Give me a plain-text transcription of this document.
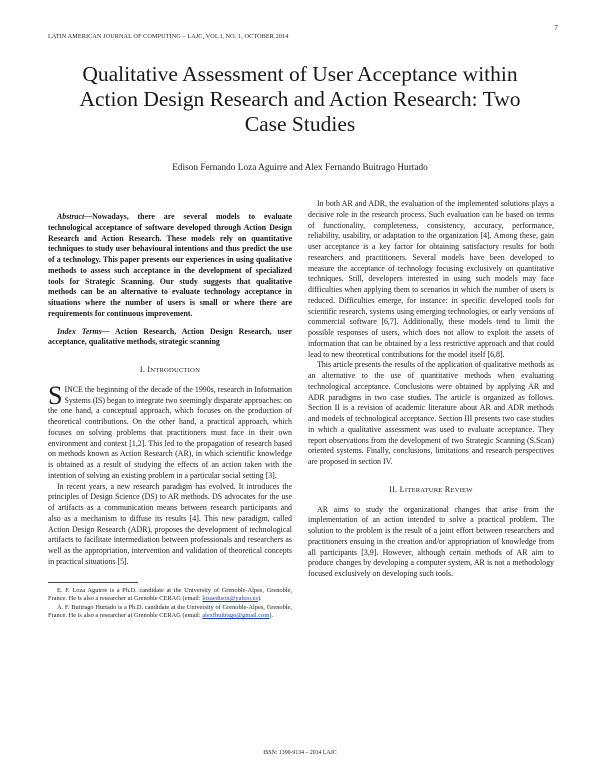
LATIN AMERICAN JOURNAL OF COMPUTING – LAJC, VOL I, NO. 1, OCTOBER 2014
7
Qualitative Assessment of User Acceptance within Action Design Research and Action Research: Two Case Studies
Edison Fernando Loza Aguirre and Alex Fernando Buitrago Hurtado

Abstract—Nowadays, there are several models to evaluate technological acceptance of software developed through Action Design Research and Action Research. These models rely on quantitative techniques to study user behavioural intentions and thus predict the use of a technology. This paper presents our experiences in using qualitative methods to assess such acceptance in the development of specialized tools for Strategic Scanning. Our study suggests that qualitative methods can be an alternative to evaluate technology acceptance in situations where the number of users is small or where there are requirements for continuous improvement.

Index Terms— Action Research, Action Design Research, user acceptance, qualitative methods, strategic scanning

I. INTRODUCTION

SINCE the beginning of the decade of the 1990s, research in Information Systems (IS) began to integrate two seemingly disparate approaches: on the one hand, a conceptual approach, which focuses on the production of theoretical contributions. On the other hand, a practical approach, which focuses on solving problems that practitioners must face in their own environment and context [1,2]. This led to the propagation of research based on methods known as Action Research (AR), in which scientific knowledge is obtained as a result of studying the effects of an action taken with the intention of solving an existing problem in a particular social setting [3].

In recent years, a new research paradigm has evolved. It introduces the principles of Design Science (DS) to AR methods. DS advocates for the use of artifacts as a communication means between research participants and also as a mechanism to diffuse its results [4]. This new paradigm, called Action Design Research (ADR), proposes the development of technological artifacts to facilitate intermediation between professionals and researchers as well as the appropriation, intervention and validation of theoretical concepts in practical situations [5].

E. F. Loza Aguirre is a Ph.D. candidate at the University of Grenoble-Alpes, Grenoble, France. He is also a researcher at Grenoble CERAG (email: lozaedison@yahoo.es).

A. F. Buitrago Hurtado is a Ph.D. candidate at the University of Grenoble-Alpes, Grenoble, France. He is also a researcher at Grenoble CERAG (email: alexfbuitrago@gmail.com).

In both AR and ADR, the evaluation of the implemented solutions plays a decisive role in the research process. Such evaluation can be based on terms of functionality, completeness, consistency, accuracy, performance, reliability, usability, or adaptation to the organization [4]. Among these, gain user acceptance is a key factor for obtaining satisfactory results for both researchers and practitioners. Several models have been developed to measure the acceptance of technology focusing exclusively on quantitative techniques. Still, developers interested in using such models may face difficulties when applying them to scenarios in which the number of users is reduced. Difficulties emerge, for instance: in specific developed tools for scientific research, systems using emerging technologies, or early versions of commercial software [6,7]. Additionally, these models tend to limit the possible responses of users, which does not allow to exploit the assets of information that can be obtained by a less restrictive approach and that could lead to new theoretical contributions for the model itself [6,8].

This article presents the results of the application of qualitative methods as an alternative to the use of quantitative methods when evaluating technological acceptance. Conclusions were obtained by applying AR and ADR paradigms in two case studies. The article is organized as follows. Section II is a revision of academic literature about AR and ADR methods and models of technological acceptance. Section III presents two case studies in which a qualitative assessment was used to evaluate acceptance. They report observations from the development of two Strategic Scanning (S.Scan) oriented systems. Finally, conclusions, limitations and research perspectives are proposed in section IV.

II. LITERATURE REVIEW

AR aims to study the organizational changes that arise from the implementation of an action intended to solve a practical problem. The solution to the problem is the result of a joint effort between researchers and practitioners ensuing in the creation and/or appropriation of knowledge from all participants [3,9]. However, although certain methods of AR aim to produce changes by developing a computer system, AR is not a methodology focused exclusively on developing such tools.

ISSN: 1390-9134 – 2014 LAJC
